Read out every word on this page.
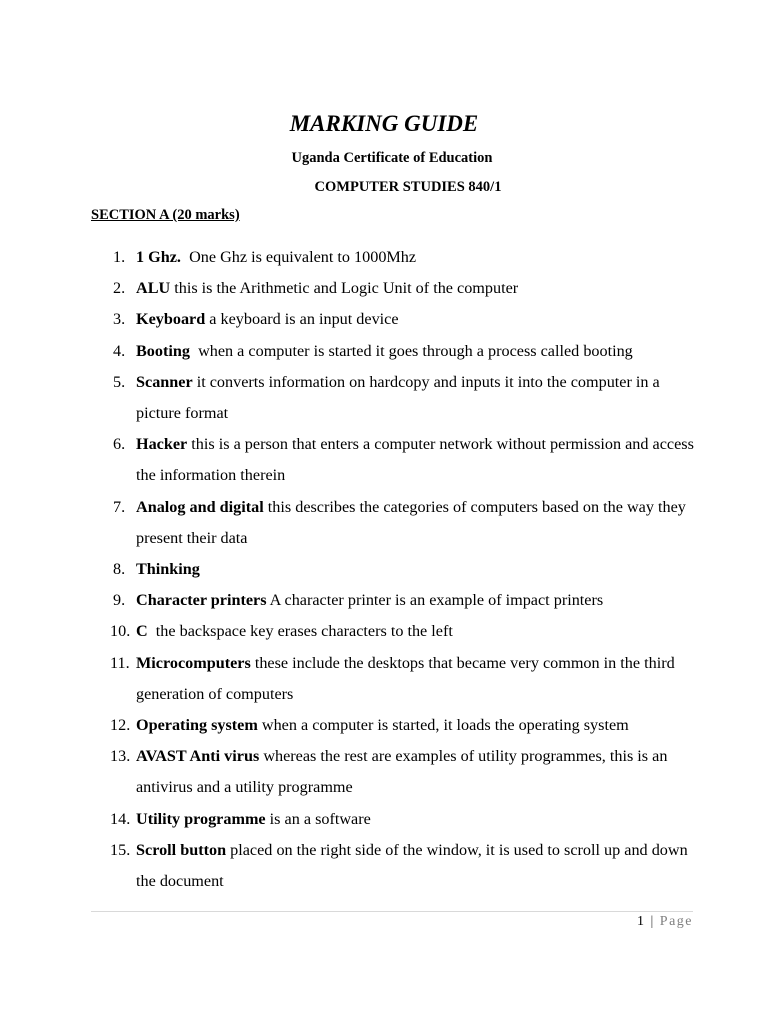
MARKING GUIDE

Uganda Certificate of Education

COMPUTER STUDIES 840/1

SECTION A (20 marks)

1. 1 Ghz.  One Ghz is equivalent to 1000Mhz
2. ALU this is the Arithmetic and Logic Unit of the computer
3. Keyboard a keyboard is an input device
4. Booting  when a computer is started it goes through a process called booting
5. Scanner it converts information on hardcopy and inputs it into the computer in a picture format
6. Hacker this is a person that enters a computer network without permission and access the information therein
7. Analog and digital this describes the categories of computers based on the way they present their data
8. Thinking
9. Character printers A character printer is an example of impact printers
10. C  the backspace key erases characters to the left
11. Microcomputers these include the desktops that became very common in the third generation of computers
12. Operating system when a computer is started, it loads the operating system
13. AVAST Anti virus whereas the rest are examples of utility programmes, this is an antivirus and a utility programme
14. Utility programme is an a software
15. Scroll button placed on the right side of the window, it is used to scroll up and down the document
1 | Page
